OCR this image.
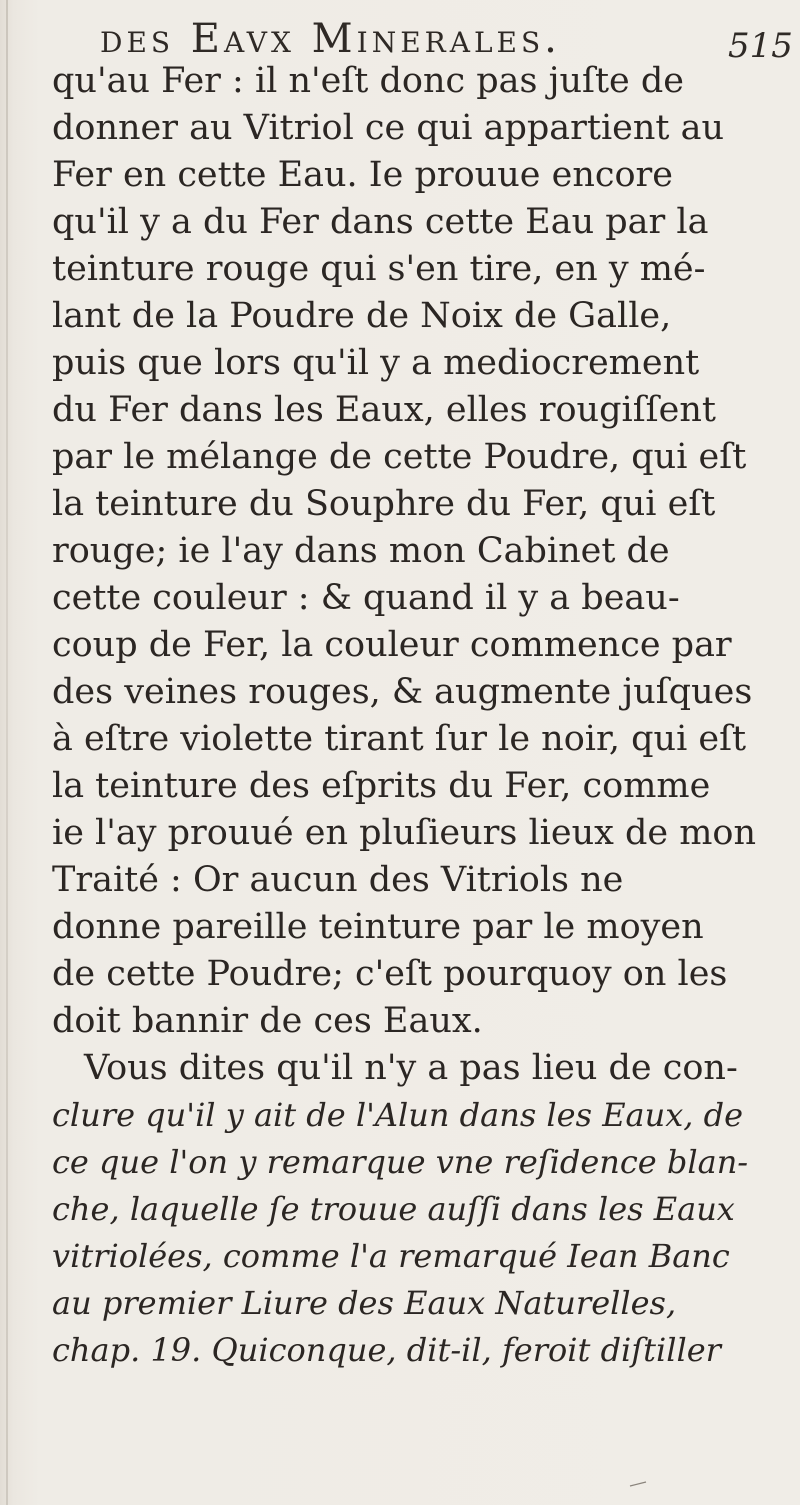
des Eavx Minerales.	515
qu'au Fer : il n'eſt donc pas juſte de
donner au Vitriol ce qui appartient au
Fer en cette Eau. Ie prouue encore
qu'il y a du Fer dans cette Eau par la
teinture rouge qui s'en tire, en y mé-
lant de la Poudre de Noix de Galle,
puis que lors qu'il y a mediocrement
du Fer dans les Eaux, elles rougiſſent
par le mélange de cette Poudre, qui eſt
la teinture du Souphre du Fer, qui eſt
rouge; ie l'ay dans mon Cabinet de
cette couleur : & quand il y a beau-
coup de Fer, la couleur commence par
des veines rouges, & augmente juſques
à eſtre violette tirant ſur le noir, qui eſt
la teinture des eſprits du Fer, comme
ie l'ay prouué en pluſieurs lieux de mon
Traité : Or aucun des Vitriols ne
donne pareille teinture par le moyen
de cette Poudre; c'eſt pourquoy on les
doit bannir de ces Eaux.
Vous dites qu'il n'y a pas lieu de con-
clure qu'il y ait de l'Alun dans les Eaux, de
ce que l'on y remarque vne reſidence blan-
che, laquelle ſe trouue auſſi dans les Eaux
vitriolées, comme l'a remarqué Iean Banc
au premier Liure des Eaux Naturelles,
chap. 19. Quiconque, dit-il, feroit diſtiller
